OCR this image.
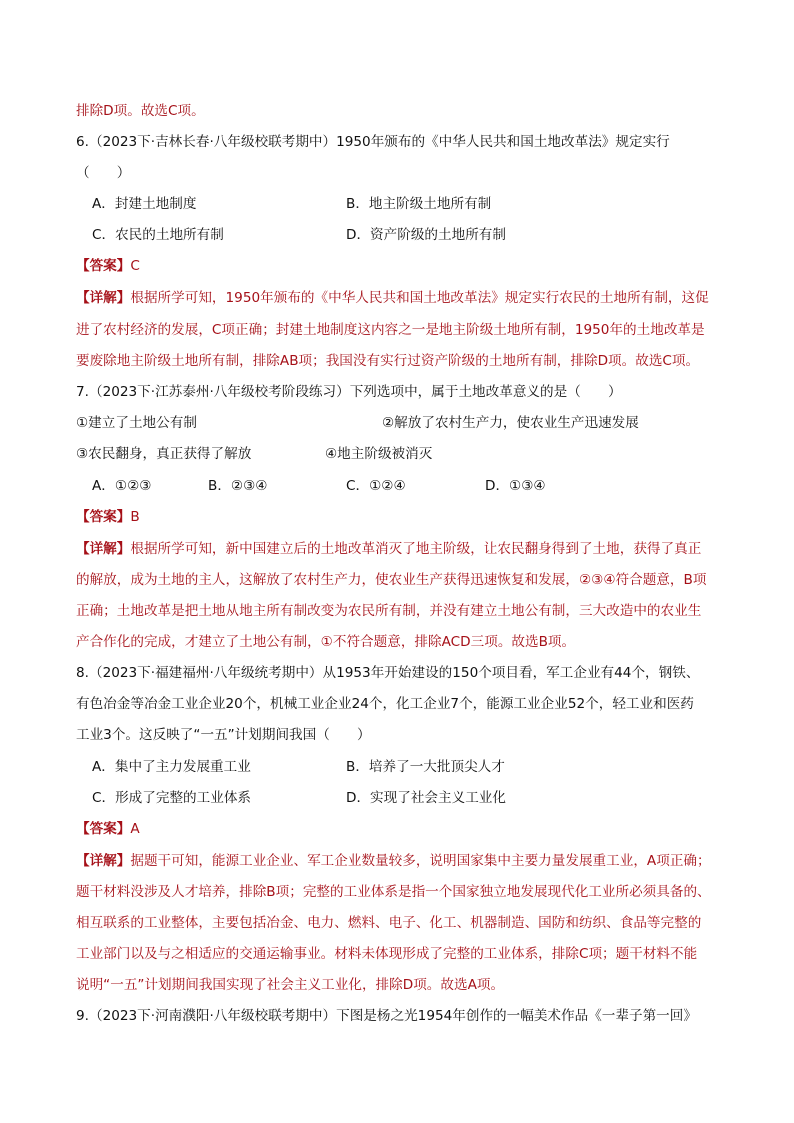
排除D项。故选C项。
6.（2023下·吉林长春·八年级校联考期中）1950年颁布的《中华人民共和国土地改革法》规定实行
（　　）
A．封建土地制度	B．地主阶级土地所有制
C．农民的土地所有制	D．资产阶级的土地所有制
【答案】C
【详解】根据所学可知，1950年颁布的《中华人民共和国土地改革法》规定实行农民的土地所有制，这促
进了农村经济的发展，C项正确；封建土地制度这内容之一是地主阶级土地所有制，1950年的土地改革是
要废除地主阶级土地所有制，排除AB项；我国没有实行过资产阶级的土地所有制，排除D项。故选C项。
7.（2023下·江苏泰州·八年级校考阶段练习）下列选项中，属于土地改革意义的是（　　）
①建立了土地公有制	②解放了农村生产力，使农业生产迅速发展
③农民翻身，真正获得了解放	④地主阶级被消灭
A．①②③	B．②③④	C．①②④	D．①③④
【答案】B
【详解】根据所学可知，新中国建立后的土地改革消灭了地主阶级，让农民翻身得到了土地，获得了真正
的解放，成为土地的主人，这解放了农村生产力，使农业生产获得迅速恢复和发展，②③④符合题意，B项
正确；土地改革是把土地从地主所有制改变为农民所有制，并没有建立土地公有制，三大改造中的农业生
产合作化的完成，才建立了土地公有制，①不符合题意，排除ACD三项。故选B项。
8.（2023下·福建福州·八年级统考期中）从1953年开始建设的150个项目看，军工企业有44个，钢铁、
有色冶金等冶金工业企业20个，机械工业企业24个，化工企业7个，能源工业企业52个，轻工业和医药
工业3个。这反映了“一五”计划期间我国（　　）
A．集中了主力发展重工业	B．培养了一大批顶尖人才
C．形成了完整的工业体系	D．实现了社会主义工业化
【答案】A
【详解】据题干可知，能源工业企业、军工企业数量较多，说明国家集中主要力量发展重工业，A项正确；
题干材料没涉及人才培养，排除B项；完整的工业体系是指一个国家独立地发展现代化工业所必须具备的、
相互联系的工业整体，主要包括冶金、电力、燃料、电子、化工、机器制造、国防和纺织、食品等完整的
工业部门以及与之相适应的交通运输事业。材料未体现形成了完整的工业体系，排除C项；题干材料不能
说明“一五”计划期间我国实现了社会主义工业化，排除D项。故选A项。
9.（2023下·河南濮阳·八年级校联考期中）下图是杨之光1954年创作的一幅美术作品《一辈子第一回》
